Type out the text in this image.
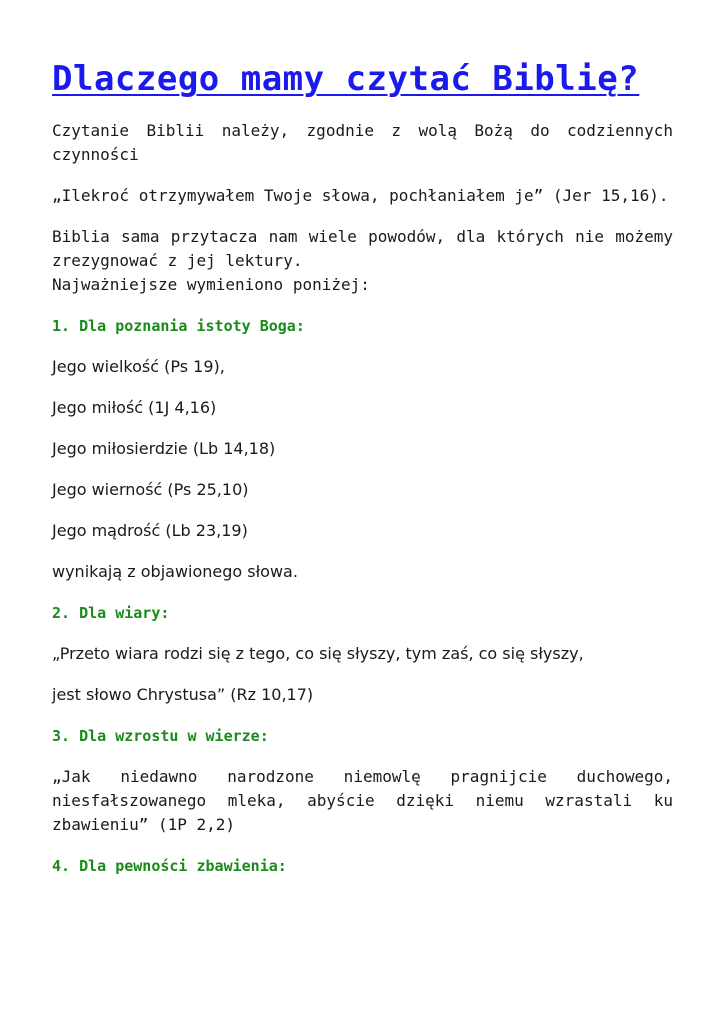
Dlaczego mamy czytać Biblię?

Czytanie Biblii należy, zgodnie z wolą Bożą do codziennych czynności

„Ilekroć otrzymywałem Twoje słowa, pochłaniałem je” (Jer 15,16).

Biblia sama przytacza nam wiele powodów, dla których nie możemy zrezygnować z jej lektury.
Najważniejsze wymieniono poniżej:

1. Dla poznania istoty Boga:

Jego wielkość (Ps 19),

Jego miłość (1J 4,16)

Jego miłosierdzie (Lb 14,18)

Jego wierność (Ps 25,10)

Jego mądrość (Lb 23,19)

wynikają z objawionego słowa.

2. Dla wiary:

„Przeto wiara rodzi się z tego, co się słyszy, tym zaś, co się słyszy,

jest słowo Chrystusa” (Rz 10,17)

3. Dla wzrostu w wierze:

„Jak niedawno narodzone niemowlę pragnijcie duchowego, niesfałszowanego mleka, abyście dzięki niemu wzrastali ku zbawieniu” (1P 2,2)

4. Dla pewności zbawienia:
